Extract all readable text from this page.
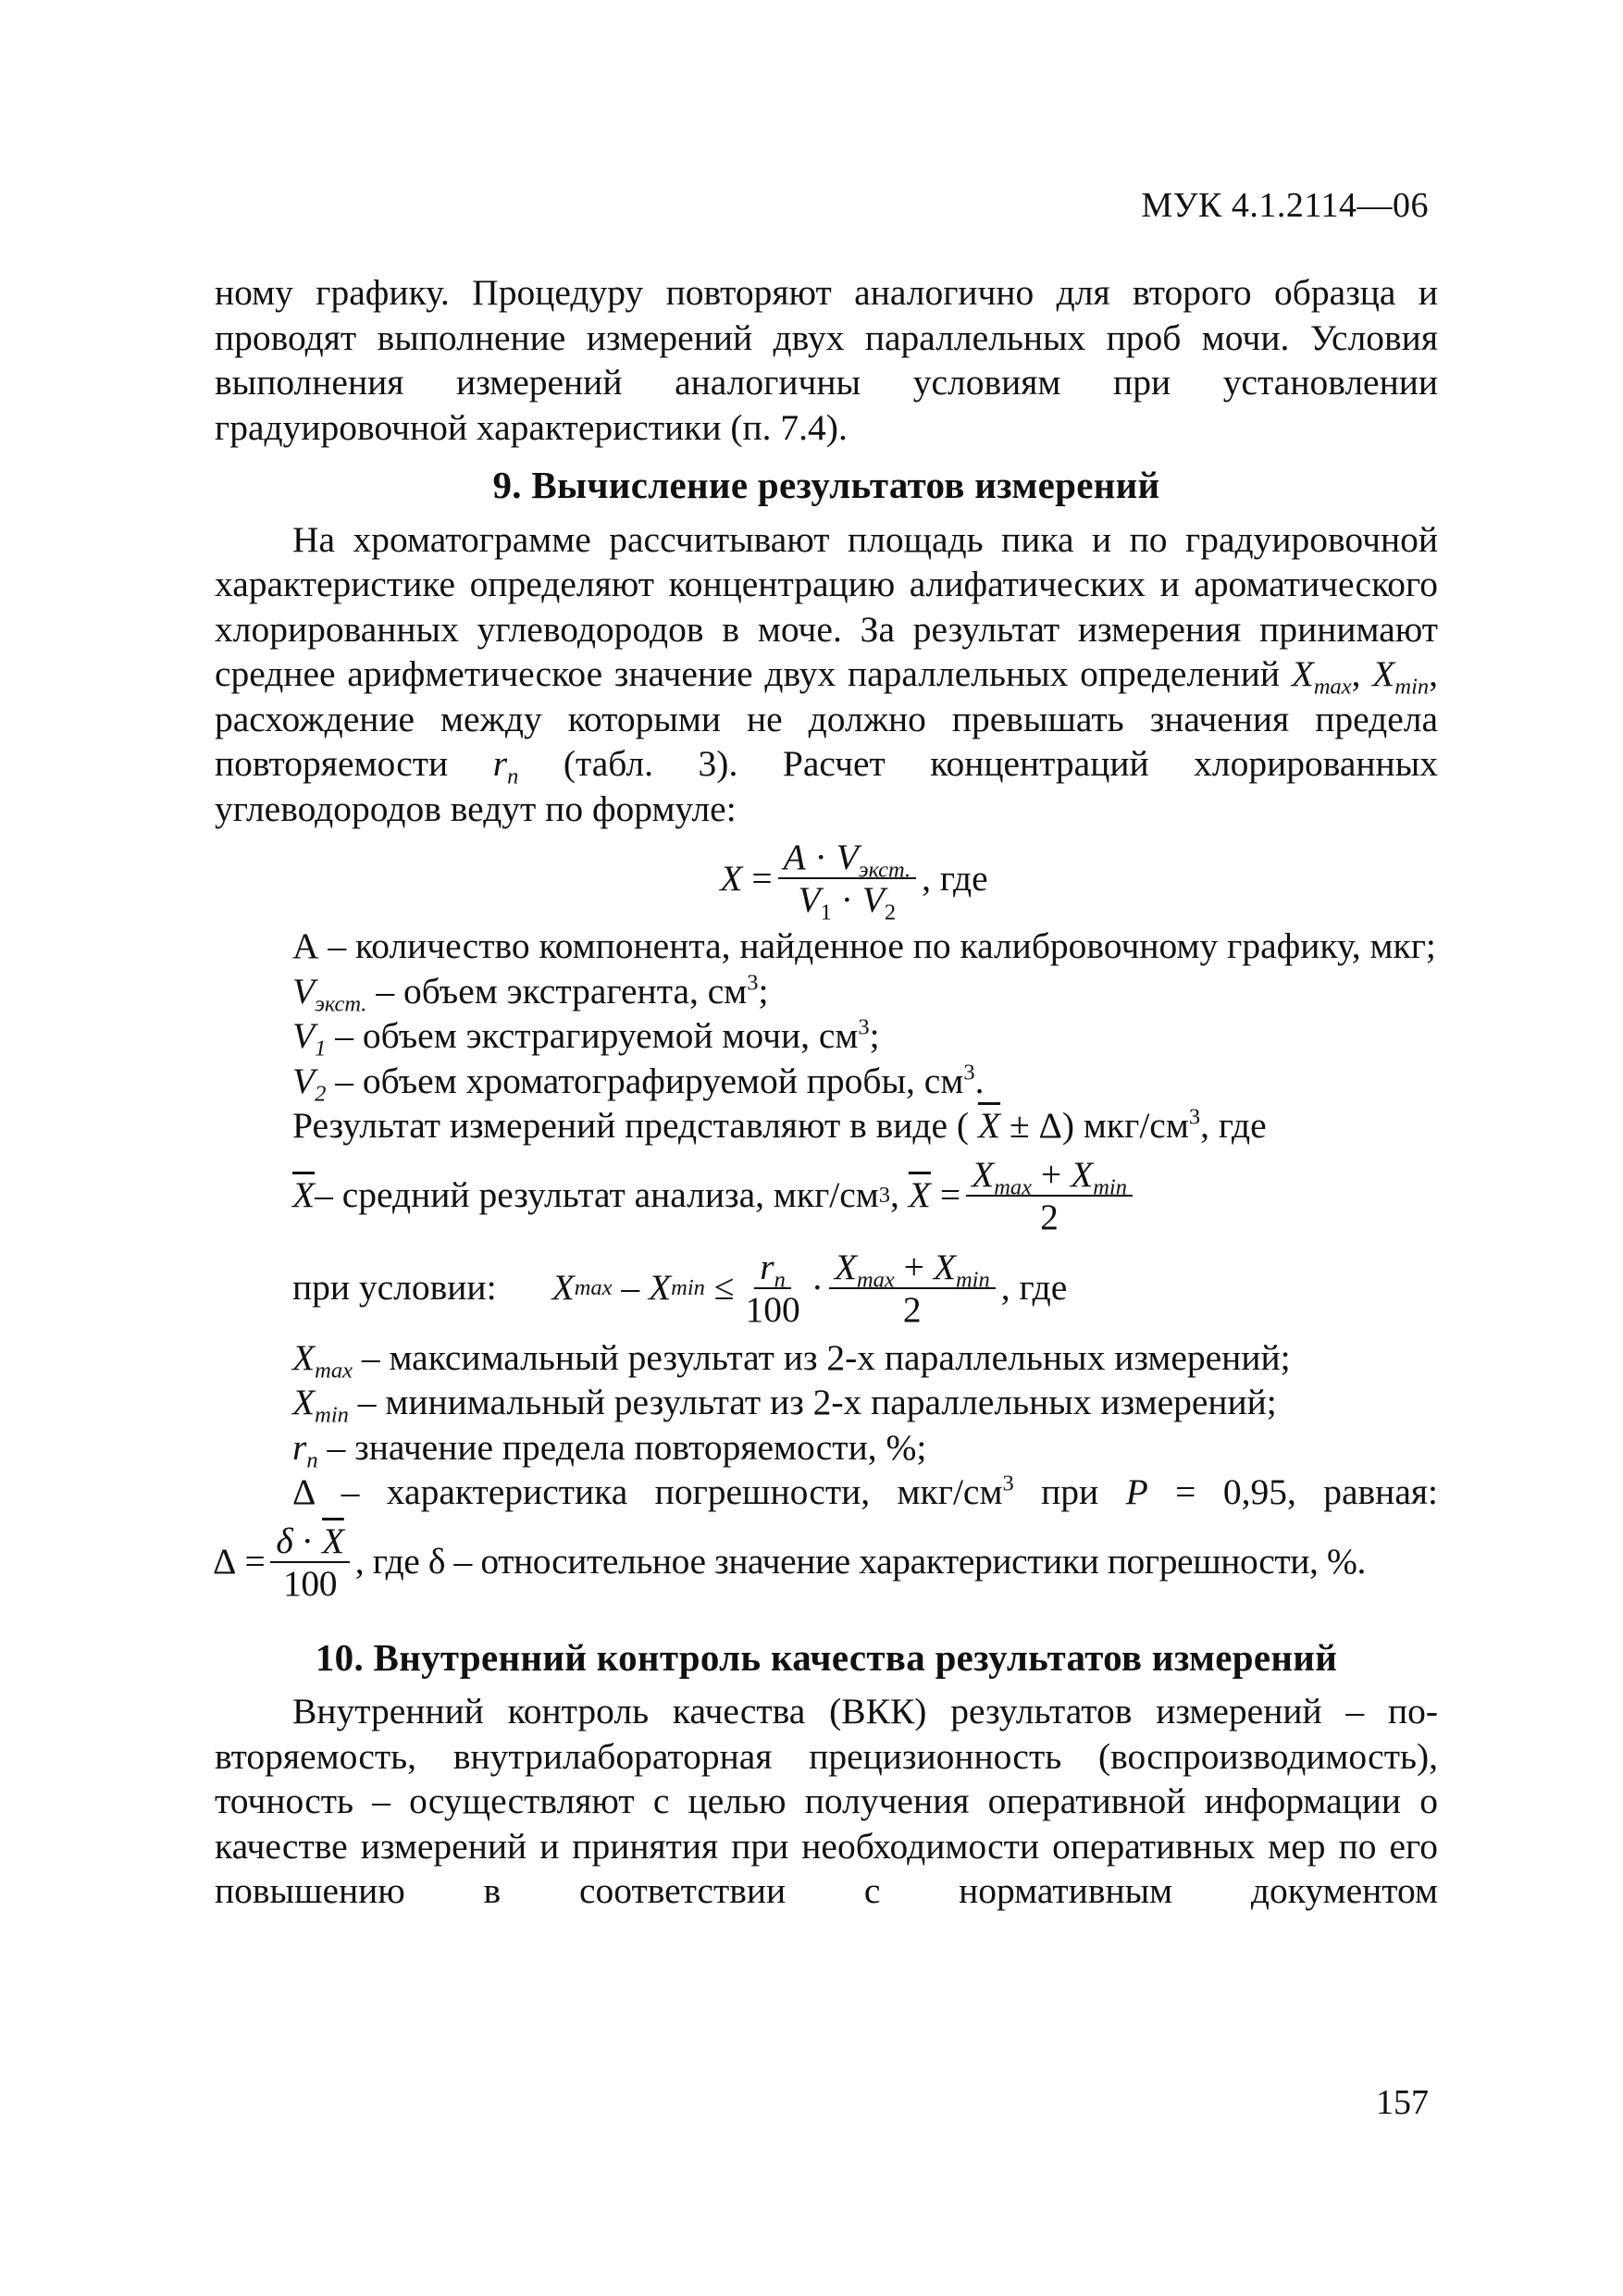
МУК 4.1.2114—06

ному графику. Процедуру повторяют аналогично для второго образца и проводят выполнение измерений двух параллельных проб мочи. Условия выполнения измерений аналогичны условиям при установлении градуировочной характеристики (п. 7.4).

9. Вычисление результатов измерений

На хроматограмме рассчитывают площадь пика и по градуировочной характеристике определяют концентрацию алифатических и ароматического хлорированных углеводородов в моче. За результат измерения принимают среднее арифметическое значение двух параллельных определений $X_{max}$, $X_{min}$, расхождение между которыми не должно превышать значения предела повторяемости $r_n$ (табл. 3). Расчет концентраций хлорированных углеводородов ведут по формуле:

$X = \frac{A \cdot V_{экст.}}{V_1 \cdot V_2}$ , где

А – количество компонента, найденное по калибровочному графику, мкг;

$V_{экст.}$ – объем экстрагента, $см^3$;

$V_1$ – объем экстрагируемой мочи, $см^3$;

$V_2$ – объем хроматографируемой пробы, $см^3$.

Результат измерений представляют в виде ( $\overline{X} \pm \Delta$) мкг/$см^3$, где

$\overline{X}$ – средний результат анализа, мкг/см 3 , $\overline{X} = \frac{X_{max} + X_{min}}{2}$
при условии: X max – X $\min \le \frac{r_n}{100} \cdot \frac{X_{max} + X_{min}}{2}$ , где

$X_{max}$ – максимальный результат из 2-х параллельных измерений;

$X_{min}$ – минимальный результат из 2-х параллельных измерений;

$r_n$ – значение предела повторяемости, %;

Δ – характеристика погрешности, мкг/$см^3$ при P = 0,95, равная:

$\Delta = \frac{\delta \cdot \overline{X}}{100}$ , где δ – относительное значение характеристики погрешности, %.

10. Внутренний контроль качества результатов измерений

Внутренний контроль качества (ВКК) результатов измерений – повторяемость, внутрилабораторная прецизионность (воспроизводимость), точность – осуществляют с целью получения оперативной информации о качестве измерений и принятия при необходимости оперативных мер по его повышению в соответствии с нормативным документом

157
